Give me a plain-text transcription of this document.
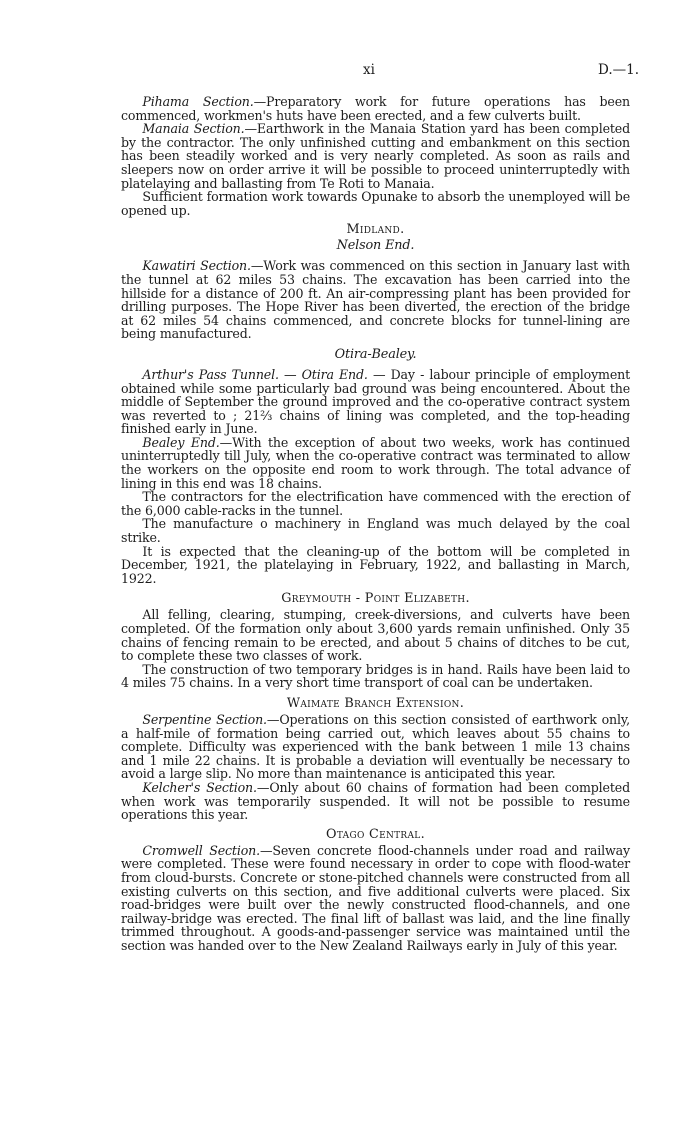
xi	D.—1.

Pihama Section.—Preparatory work for future operations has been commenced, workmen's huts have been erected, and a few culverts built.

Manaia Section.—Earthwork in the Manaia Station yard has been completed by the contractor. The only unfinished cutting and embankment on this section has been steadily worked and is very nearly completed. As soon as rails and sleepers now on order arrive it will be possible to proceed uninterruptedly with platelaying and ballasting from Te Roti to Manaia.

Sufficient formation work towards Opunake to absorb the unemployed will be opened up.

Midland.
Nelson End.

Kawatiri Section.—Work was commenced on this section in January last with the tunnel at 62 miles 53 chains. The excavation has been carried into the hillside for a distance of 200 ft. An air-compressing plant has been provided for drilling purposes. The Hope River has been diverted, the erection of the bridge at 62 miles 54 chains commenced, and concrete blocks for tunnel-lining are being manufactured.

Otira-Bealey.

Arthur's Pass Tunnel. — Otira End. — Day - labour principle of employment obtained while some particularly bad ground was being encountered. About the middle of September the ground improved and the co-operative contract system was reverted to ; 21⅔ chains of lining was completed, and the top-heading finished early in June.

Bealey End.—With the exception of about two weeks, work has continued uninterruptedly till July, when the co-operative contract was terminated to allow the workers on the opposite end room to work through. The total advance of lining in this end was 18 chains.

The contractors for the electrification have commenced with the erection of the 6,000 cable-racks in the tunnel.

The manufacture o machinery in England was much delayed by the coal strike.

It is expected that the cleaning-up of the bottom will be completed in December, 1921, the platelaying in February, 1922, and ballasting in March, 1922.

Greymouth - Point Elizabeth.

All felling, clearing, stumping, creek-diversions, and culverts have been completed. Of the formation only about 3,600 yards remain unfinished. Only 35 chains of fencing remain to be erected, and about 5 chains of ditches to be cut, to complete these two classes of work.

The construction of two temporary bridges is in hand. Rails have been laid to 4 miles 75 chains. In a very short time transport of coal can be undertaken.

Waimate Branch Extension.

Serpentine Section.—Operations on this section consisted of earthwork only, a half-mile of formation being carried out, which leaves about 55 chains to complete. Difficulty was experienced with the bank between 1 mile 13 chains and 1 mile 22 chains. It is probable a deviation will eventually be necessary to avoid a large slip. No more than maintenance is anticipated this year.

Kelcher's Section.—Only about 60 chains of formation had been completed when work was temporarily suspended. It will not be possible to resume operations this year.

Otago Central.

Cromwell Section.—Seven concrete flood-channels under road and railway were completed. These were found necessary in order to cope with flood-water from cloud-bursts. Concrete or stone-pitched channels were constructed from all existing culverts on this section, and five additional culverts were placed. Six road-bridges were built over the newly constructed flood-channels, and one railway-bridge was erected. The final lift of ballast was laid, and the line finally trimmed throughout. A goods-and-passenger service was maintained until the section was handed over to the New Zealand Railways early in July of this year.
